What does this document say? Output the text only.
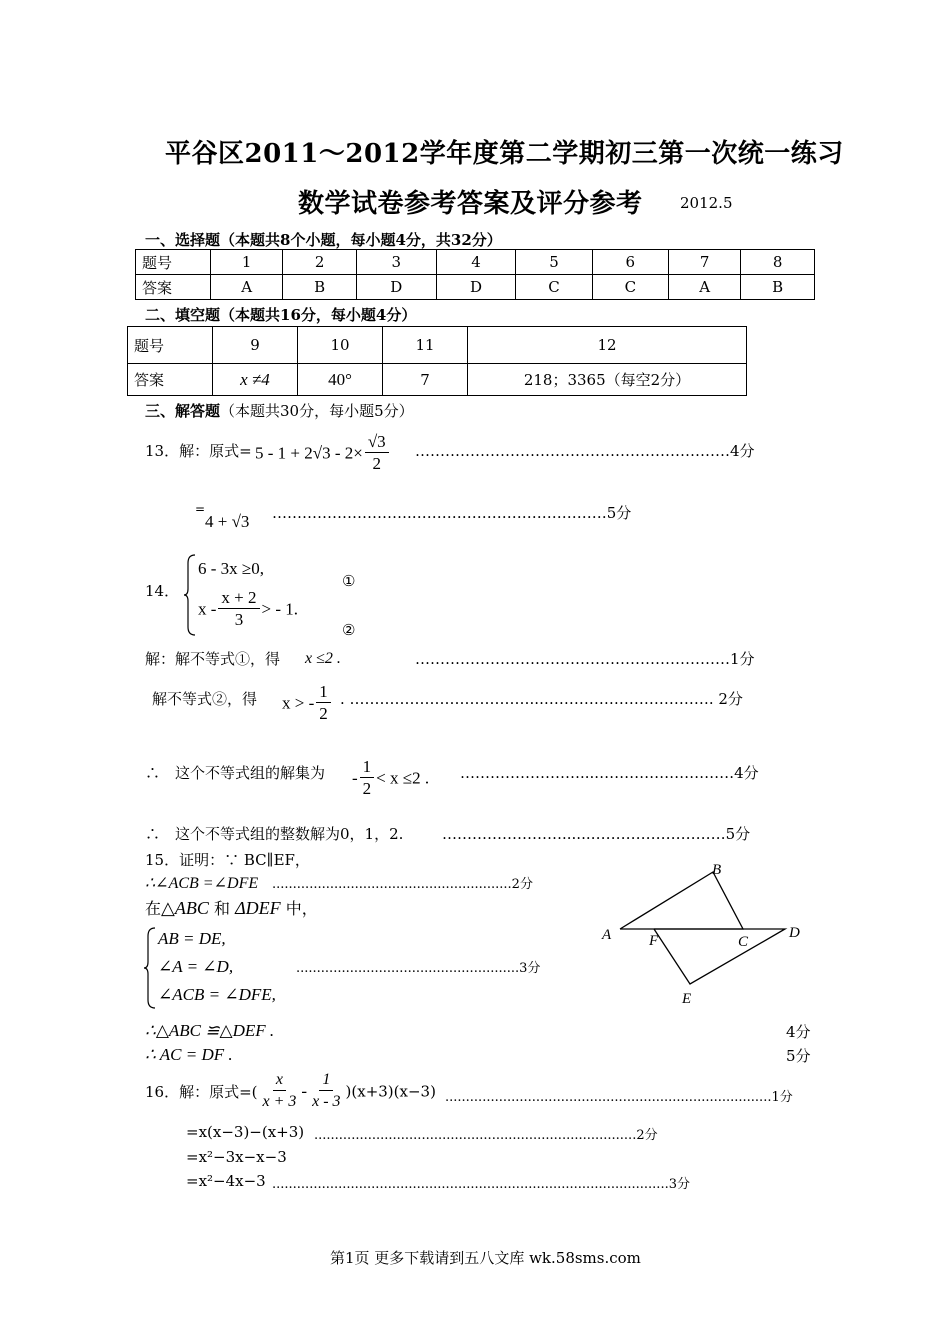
平谷区2011～2012学年度第二学期初三第一次统一练习
数学试卷参考答案及评分参考 2012.5
一、选择题（本题共8个小题，每小题4分，共32分）
题号	1	2	3	4	5	6	7	8
答案	A	B	D	D	C	C	A	B
二、填空题（本题共16分，每小题4分）
题号	9	10	11	12
答案	x ≠4	40°	7	218；3365（每空2分）
三、解答题（本题共30分，每小题5分）
13．解：原式= $5 - 1 + 2√3 - 2\times \frac{√3}{2}$ ………………………………………………………4分
=
4 + √3 ……………………….…………………………………5分
14．
6 - 3x ≥0,
x - $\frac{x + 2}{3}$ > - 1.
①
②
解：解不等式①，得 x ≤2 .	………………………………………………………1分
解不等式②，得 x > - $\frac{1}{2}$ . ………………………………...……………………………. 2分
∴　这个不等式组的解集为 - $\frac{1}{2} < x \le 2$ . ……………………....………………………4分
∴　这个不等式组的整数解为0，1，2.	……………………......………………………5分
15．证明：∵ BC∥EF，
∴∠ACB =∠DFE ..........................................................2分
在△ABC 和 ΔDEF 中，
AB = DE,
∠A = ∠D,
∠ACB = ∠DFE,
......................................................3分
∴△ABC ≌△DEF .	4分
∴ AC = DF .	5分
A
B
C
D
E
F
16．解：原式=( $\frac{x}{x + 3} - \frac{1}{x - 3} )(x+3)(x-3)$ ...............................................................................1分
=x(x−3)−(x+3) ..............................................................................2分
=x²−3x−x−3
=x²−4x−3 ................................................................................................3分
第1页 更多下载请到五八文库 wk.58sms.com
